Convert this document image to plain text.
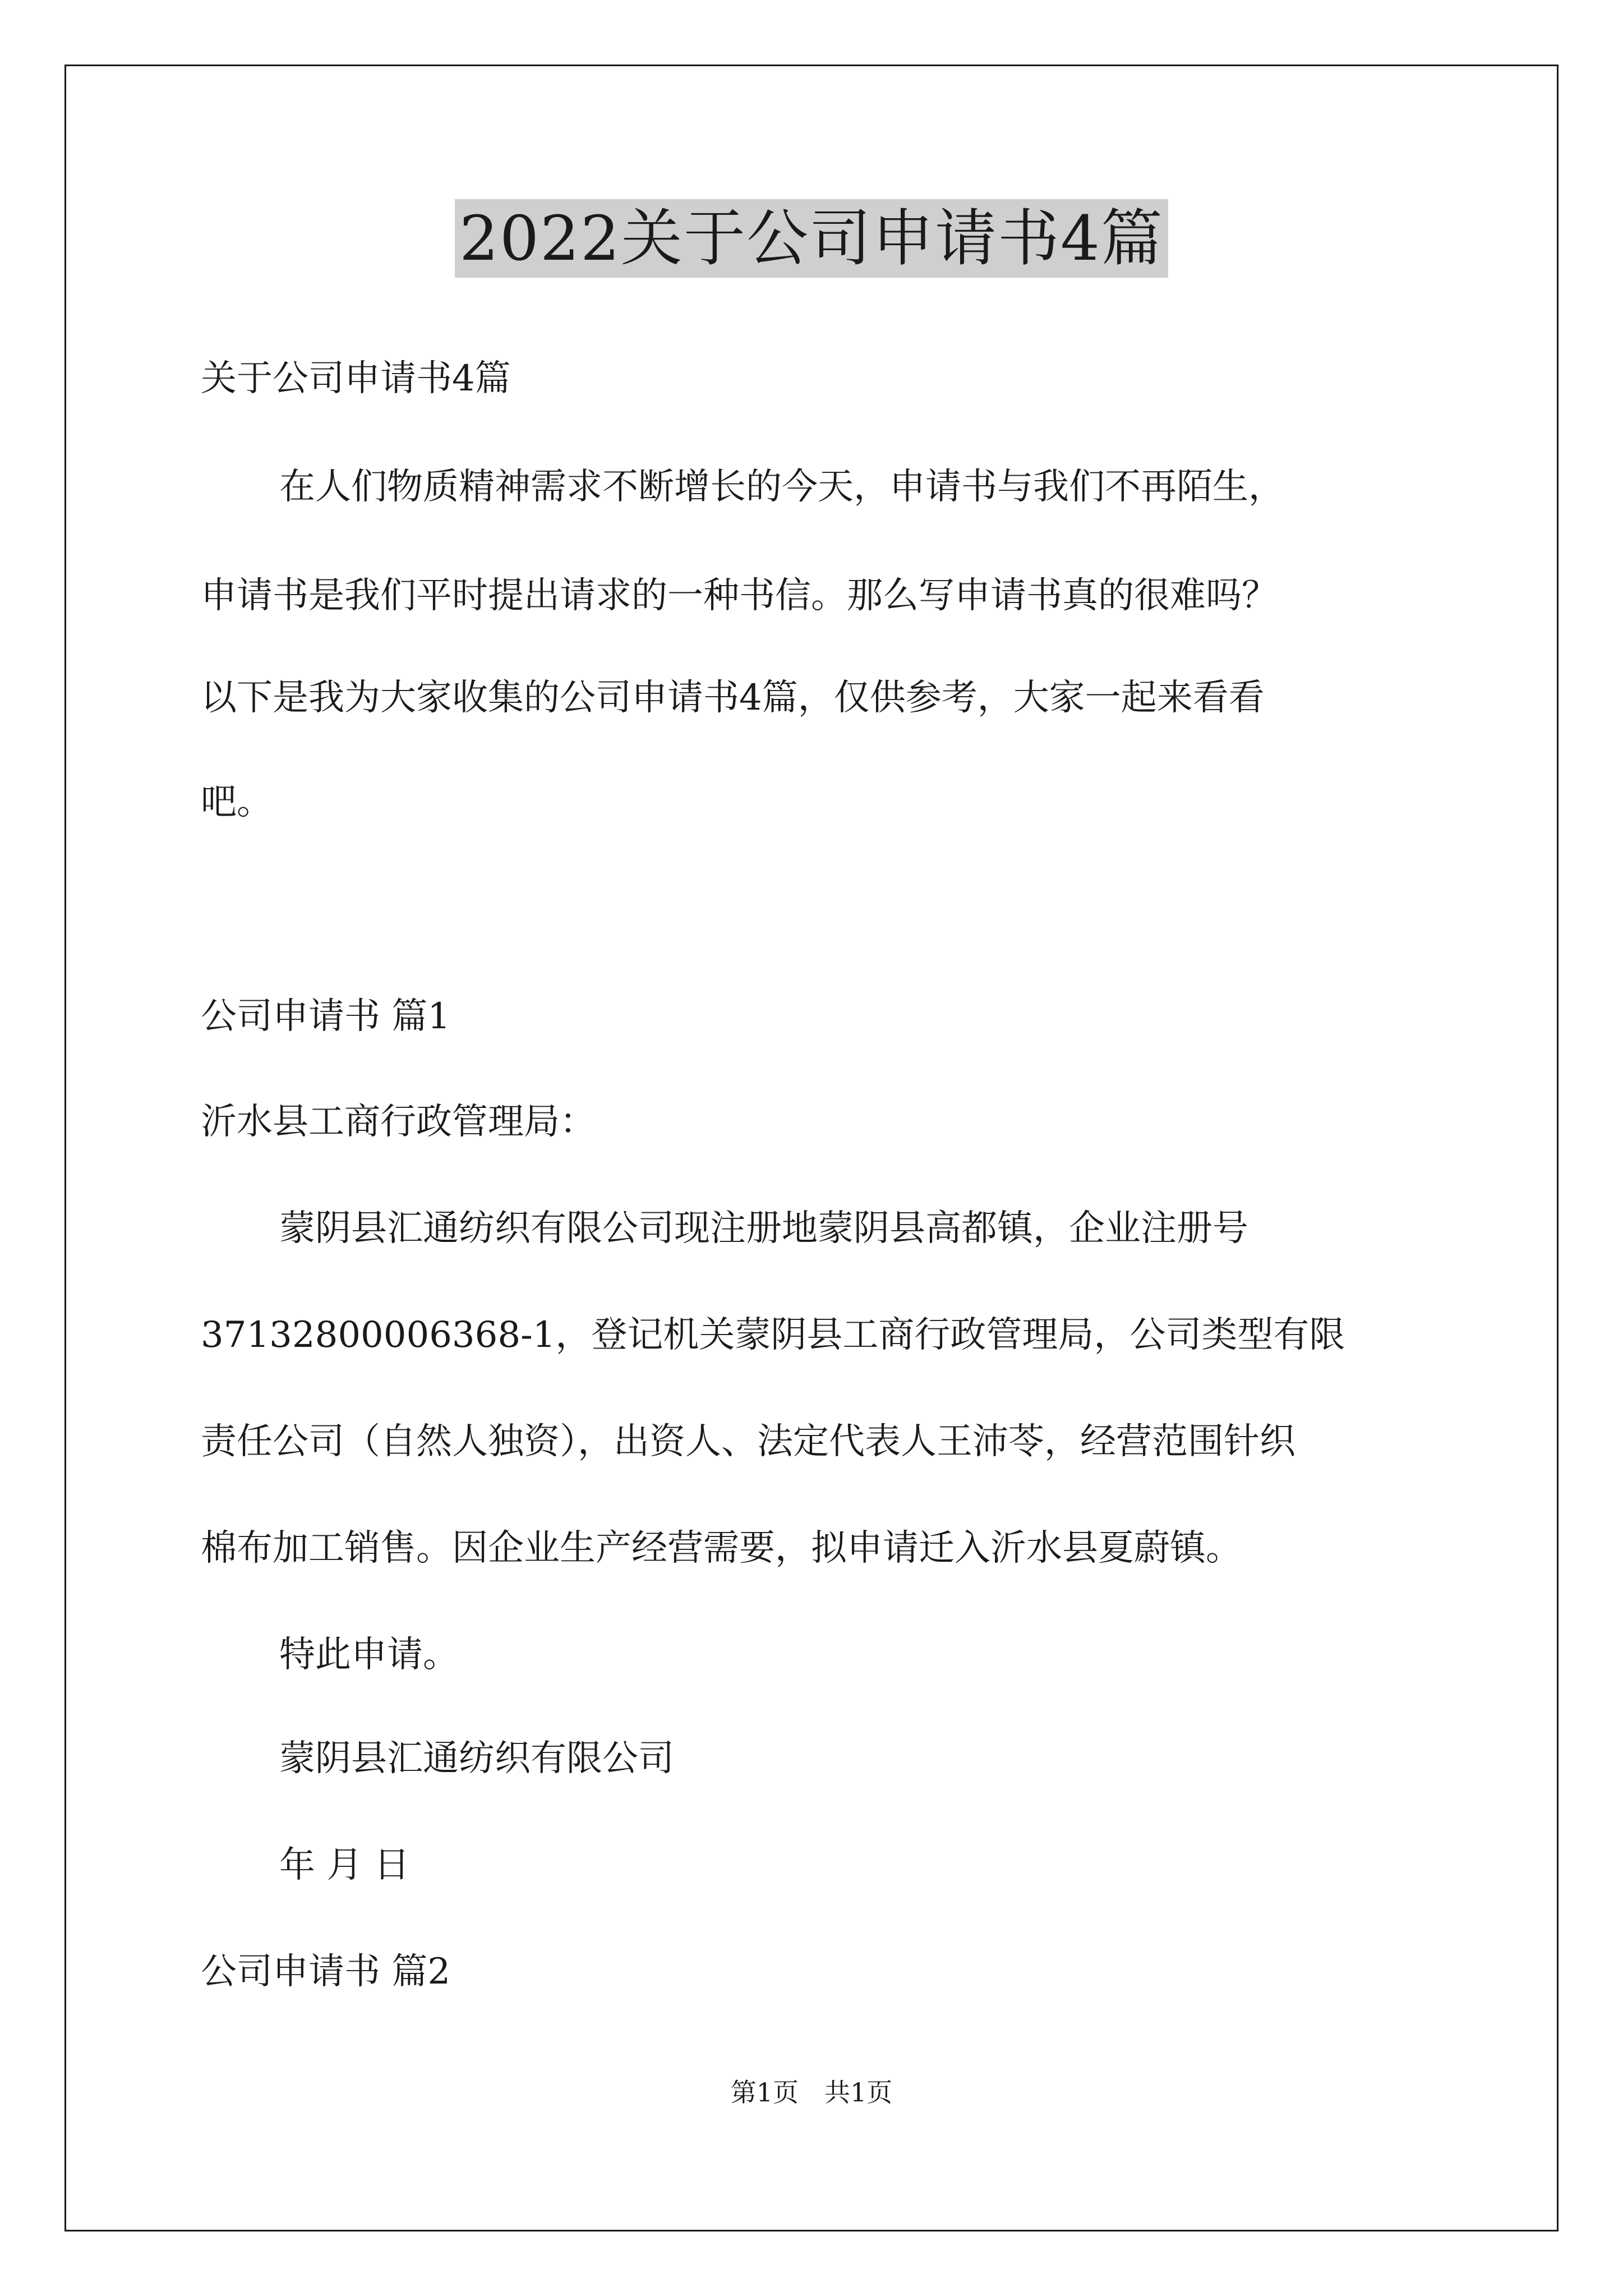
2022关于公司申请书4篇
关于公司申请书4篇
在人们物质精神需求不断增长的今天，申请书与我们不再陌生，
申请书是我们平时提出请求的一种书信。那么写申请书真的很难吗？
以下是我为大家收集的公司申请书4篇，仅供参考，大家一起来看看
吧。
公司申请书 篇1
沂水县工商行政管理局：
蒙阴县汇通纺织有限公司现注册地蒙阴县高都镇，企业注册号
37132800006368-1，登记机关蒙阴县工商行政管理局，公司类型有限
责任公司（自然人独资），出资人、法定代表人王沛苓，经营范围针织
棉布加工销售。因企业生产经营需要，拟申请迁入沂水县夏蔚镇。
特此申请。
蒙阴县汇通纺织有限公司
年 月 日
公司申请书 篇2
第1页　共1页
